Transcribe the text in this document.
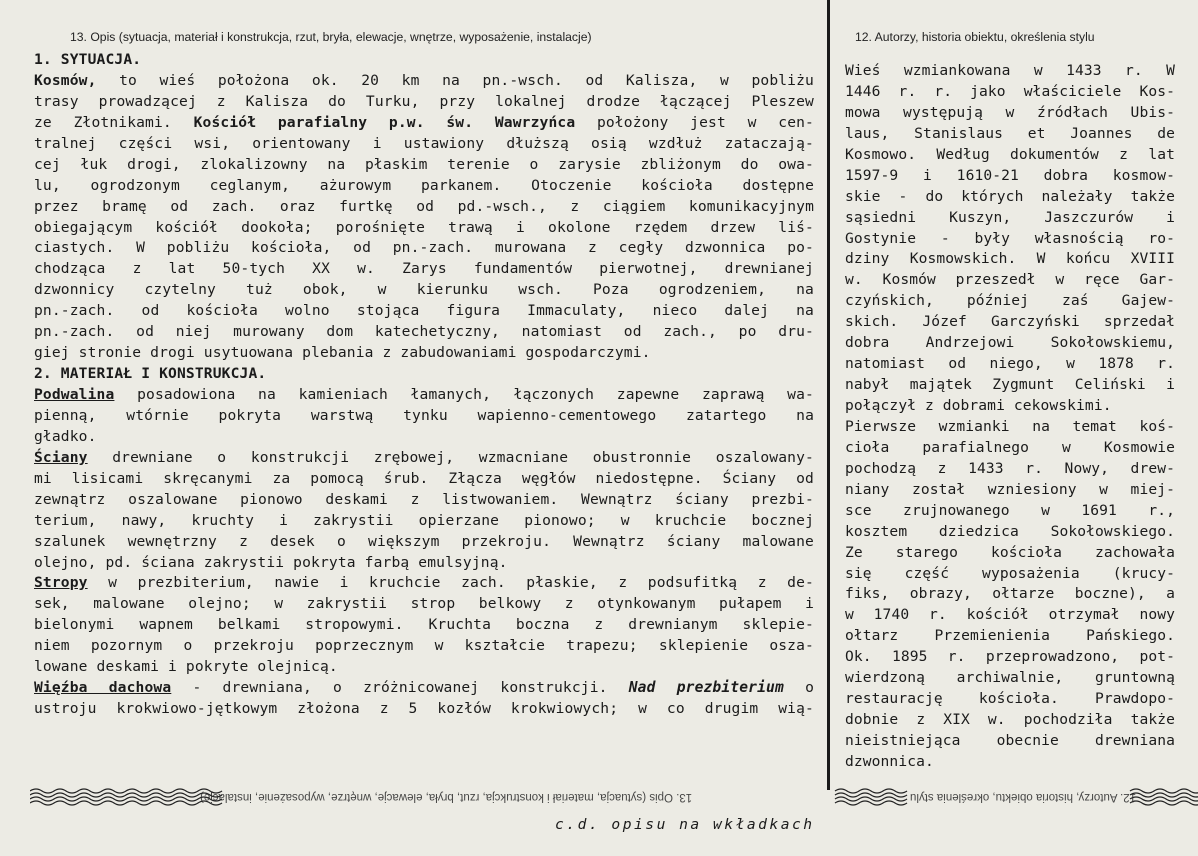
13. Opis (sytuacja, materiał i konstrukcja, rzut, bryła, elewacje, wnętrze, wyposażenie, instalacje)
1. SYTUACJA.
Kosmów, to wieś położona ok. 20 km na pn.-wsch. od Kalisza, w pobliżu
trasy prowadzącej z Kalisza do Turku, przy lokalnej drodze łączącej Pleszew
ze Złotnikami. Kościół parafialny p.w. św. Wawrzyńca położony jest w cen-
tralnej części wsi, orientowany i ustawiony dłuższą osią wzdłuż zataczają-
cej łuk drogi, zlokalizowny na płaskim terenie o zarysie zbliżonym do owa-
lu, ogrodzonym ceglanym, ażurowym parkanem. Otoczenie kościoła dostępne
przez bramę od zach. oraz furtkę od pd.-wsch., z ciągiem komunikacyjnym
obiegającym kościół dookoła; porośnięte trawą i okolone rzędem drzew liś-
ciastych. W pobliżu kościoła, od pn.-zach. murowana z cegły dzwonnica po-
chodząca z lat 50-tych XX w. Zarys fundamentów pierwotnej, drewnianej
dzwonnicy czytelny tuż obok, w kierunku wsch. Poza ogrodzeniem, na
pn.-zach. od kościoła wolno stojąca figura Immaculaty, nieco dalej na
pn.-zach. od niej murowany dom katechetyczny, natomiast od zach., po dru-
giej stronie drogi usytuowana plebania z zabudowaniami gospodarczymi.
2. MATERIAŁ I KONSTRUKCJA.
Podwalina posadowiona na kamieniach łamanych, łączonych zapewne zaprawą wa-
pienną, wtórnie pokryta warstwą tynku wapienno-cementowego zatartego na
gładko.
Ściany drewniane o konstrukcji zrębowej, wzmacniane obustronnie oszalowany-
mi lisicami skręcanymi za pomocą śrub. Złącza węgłów niedostępne. Ściany od
zewnątrz oszalowane pionowo deskami z listwowaniem. Wewnątrz ściany prezbi-
terium, nawy, kruchty i zakrystii opierzane pionowo; w kruchcie bocznej
szalunek wewnętrzny z desek o większym przekroju. Wewnątrz ściany malowane
olejno, pd. ściana zakrystii pokryta farbą emulsyjną.
Stropy w prezbiterium, nawie i kruchcie zach. płaskie, z podsufitką z de-
sek, malowane olejno; w zakrystii strop belkowy z otynkowanym pułapem i
bielonymi wapnem belkami stropowymi. Kruchta boczna z drewnianym sklepie-
niem pozornym o przekroju poprzecznym w kształcie trapezu; sklepienie osza-
lowane deskami i pokryte olejnicą.
Więźba dachowa - drewniana, o zróżnicowanej konstrukcji. Nad prezbiterium o
ustroju krokwiowo-jętkowym złożona z 5 kozłów krokwiowych; w co drugim wią-
12. Autorzy, historia obiektu, określenia stylu
Wieś wzmiankowana w 1433 r. W
1446 r. r. jako właściciele Kos-
mowa występują w źródłach Ubis-
laus, Stanislaus et Joannes de
Kosmowo. Według dokumentów z lat
1597-9 i 1610-21 dobra kosmow-
skie - do których należały także
sąsiedni Kuszyn, Jaszczurów i
Gostynie - były własnością ro-
dziny Kosmowskich. W końcu XVIII
w. Kosmów przeszedł w ręce Gar-
czyńskich, później zaś Gajew-
skich. Józef Garczyński sprzedał
dobra Andrzejowi Sokołowskiemu,
natomiast od niego, w 1878 r.
nabył majątek Zygmunt Celiński i
połączył z dobrami cekowskimi.
Pierwsze wzmianki na temat koś-
cioła parafialnego w Kosmowie
pochodzą z 1433 r. Nowy, drew-
niany został wzniesiony w miej-
sce zrujnowanego w 1691 r.,
kosztem dziedzica Sokołowskiego.
Ze starego kościoła zachowała
się część wyposażenia (krucy-
fiks, obrazy, ołtarze boczne), a
w 1740 r. kościół otrzymał nowy
ołtarz Przemienienia Pańskiego.
Ok. 1895 r. przeprowadzono, pot-
wierdzoną archiwalnie, gruntowną
restaurację kościoła. Prawdopo-
dobnie z XIX w. pochodziła także
nieistniejąca obecnie drewniana
dzwonnica.
13. Opis (sytuacja, materiał i konstrukcja, rzut, bryła, elewacje, wnętrze, wyposażenie, instalacje)	12. Autorzy, historia obiektu, określenia stylu
c.d. opisu na wkładkach
